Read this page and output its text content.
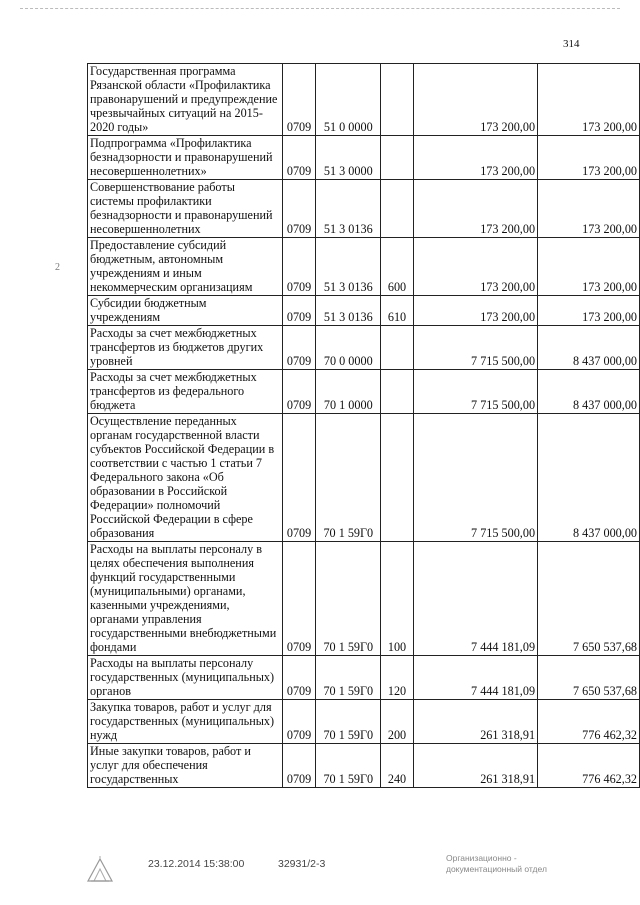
314
2
Государственная программа Рязанской области «Профилактика правонарушений и предупреждение чрезвычайных ситуаций на 2015-2020 годы»	0709	51 0 0000		173 200,00	173 200,00
Подпрограмма «Профилактика безнадзорности и правонарушений несовершеннолетних»	0709	51 3 0000		173 200,00	173 200,00
Совершенствование работы системы профилактики безнадзорности и правонарушений несовершеннолетних	0709	51 3 0136		173 200,00	173 200,00
Предоставление субсидий бюджетным, автономным учреждениям и иным некоммерческим организациям	0709	51 3 0136	600	173 200,00	173 200,00
Субсидии бюджетным учреждениям	0709	51 3 0136	610	173 200,00	173 200,00
Расходы за счет межбюджетных трансфертов из бюджетов других уровней	0709	70 0 0000		7 715 500,00	8 437 000,00
Расходы за счет межбюджетных трансфертов из федерального бюджета	0709	70 1 0000		7 715 500,00	8 437 000,00
Осуществление переданных органам государственной власти субъектов Российской Федерации в соответствии с частью 1 статьи 7 Федерального закона «Об образовании в Российской Федерации» полномочий Российской Федерации в сфере образования	0709	70 1 59Г0		7 715 500,00	8 437 000,00
Расходы на выплаты персоналу в целях обеспечения выполнения функций государственными (муниципальными) органами, казенными учреждениями, органами управления государственными внебюджетными фондами	0709	70 1 59Г0	100	7 444 181,09	7 650 537,68
Расходы на выплаты персоналу государственных (муниципальных) органов	0709	70 1 59Г0	120	7 444 181,09	7 650 537,68
Закупка товаров, работ и услуг для государственных (муниципальных) нужд	0709	70 1 59Г0	200	261 318,91	776 462,32
Иные закупки товаров, работ и услуг для обеспечения государственных	0709	70 1 59Г0	240	261 318,91	776 462,32
23.12.2014 15:38:00	32931/2-3	Организационно -
документационный отдел
